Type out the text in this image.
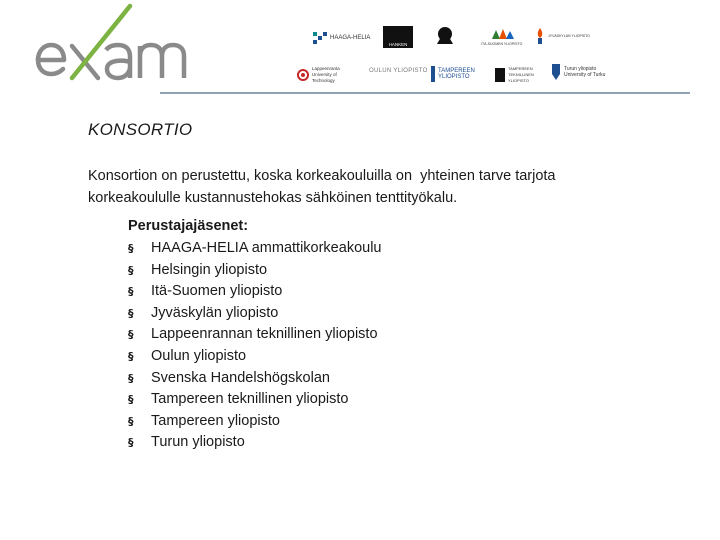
HAAGA-HELIA
HANKEN	ITÄ-SUOMEN YLIOPISTO
JYVÄSKYLÄN YLIOPISTO
Lappeenranta University of Technology
OULUN YLIOPISTO TAMPEREEN YLIOPISTO
TAMPEREEN TEKNILLINEN YLIOPISTO
Turun yliopisto University of Turku
KONSORTIO
Konsortion on perustettu, koska korkeakouluilla on  yhteinen tarve tarjota
korkeakoululle kustannustehokas sähköinen tenttityökalu.
Perustajajäsenet:
§	HAAGA-HELIA ammattikorkeakoulu
§	Helsingin yliopisto
§	Itä-Suomen yliopisto
§	Jyväskylän yliopisto
§	Lappeenrannan teknillinen yliopisto
§	Oulun yliopisto
§	Svenska Handelshögskolan
§	Tampereen teknillinen yliopisto
§	Tampereen yliopisto
§	Turun yliopisto
